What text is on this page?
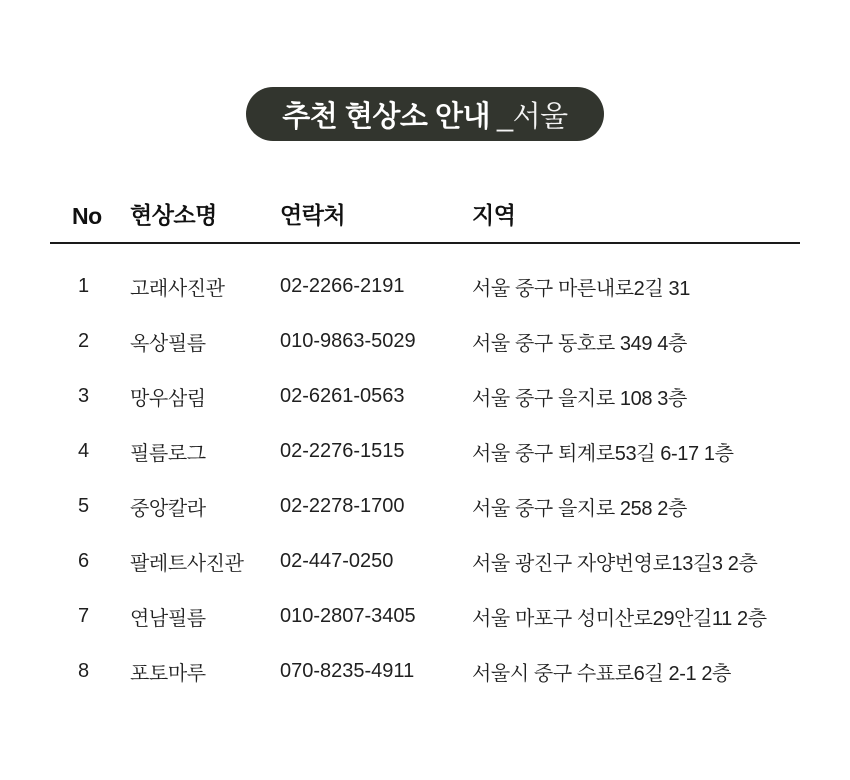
추천 현상소 안내 _서울
No	현상소명	연락처	지역
1	고래사진관	02-2266-2191	서울 중구 마른내로2길 31
2	옥상필름	010-9863-5029	서울 중구 동호로 349 4층
3	망우삼림	02-6261-0563	서울 중구 을지로 108 3층
4	필름로그	02-2276-1515	서울 중구 퇴계로53길 6-17 1층
5	중앙칼라	02-2278-1700	서울 중구 을지로 258 2층
6	팔레트사진관	02-447-0250	서울 광진구 자양번영로13길3 2층
7	연남필름	010-2807-3405	서울 마포구 성미산로29안길11 2층
8	포토마루	070-8235-4911	서울시 중구 수표로6길 2-1 2층
